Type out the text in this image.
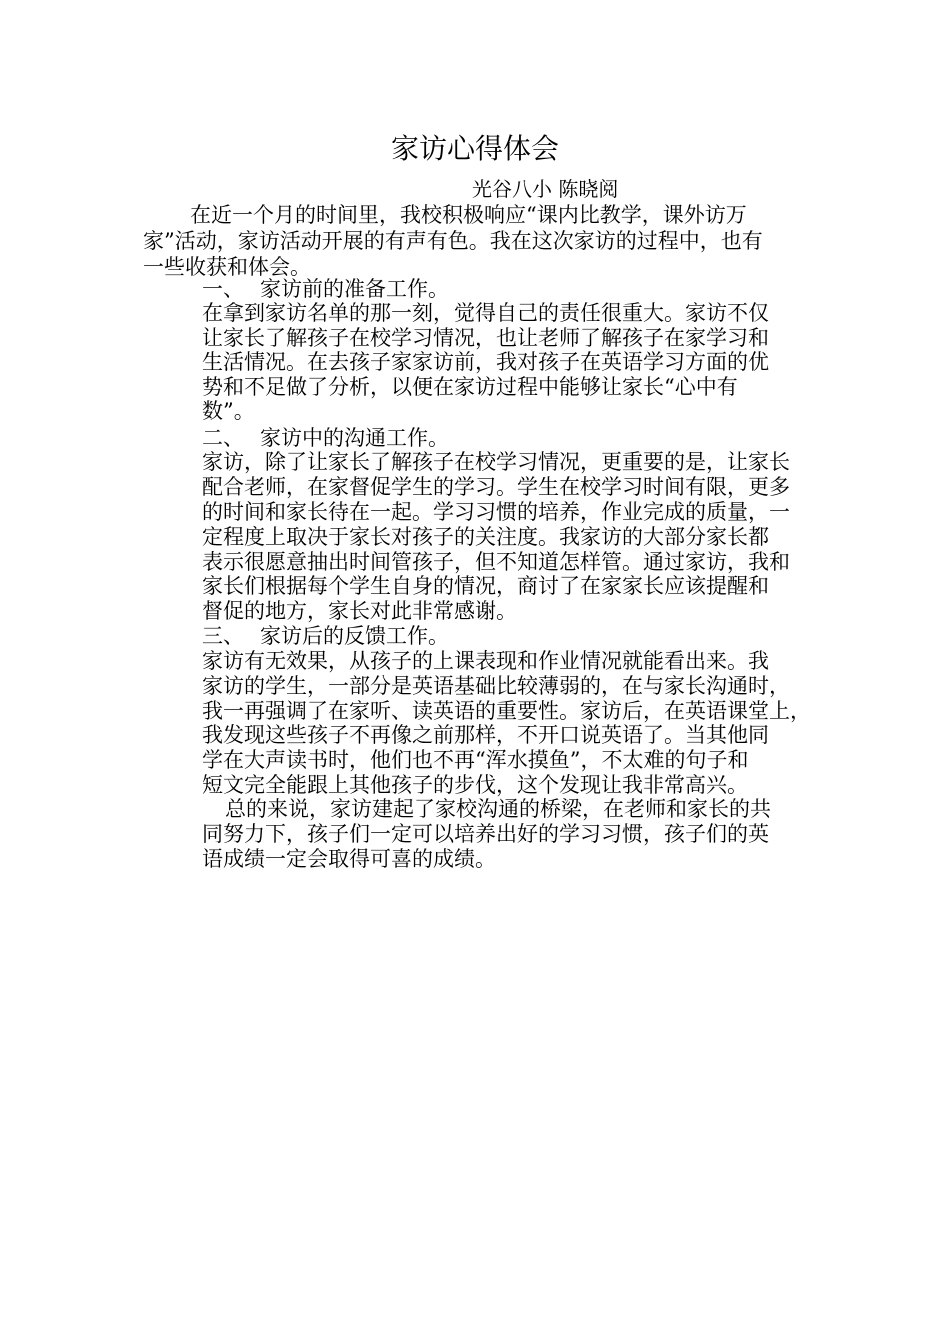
家访心得体会
光谷八小 陈晓阅
在近一个月的时间里，我校积极响应“课内比教学，课外访万
家”活动，家访活动开展的有声有色。我在这次家访的过程中，也有
一些收获和体会。
一、 家访前的准备工作。
在拿到家访名单的那一刻，觉得自己的责任很重大。家访不仅
让家长了解孩子在校学习情况，也让老师了解孩子在家学习和
生活情况。在去孩子家家访前，我对孩子在英语学习方面的优
势和不足做了分析，以便在家访过程中能够让家长“心中有
数”。
二、 家访中的沟通工作。
家访，除了让家长了解孩子在校学习情况，更重要的是，让家长
配合老师，在家督促学生的学习。学生在校学习时间有限，更多
的时间和家长待在一起。学习习惯的培养，作业完成的质量，一
定程度上取决于家长对孩子的关注度。我家访的大部分家长都
表示很愿意抽出时间管孩子，但不知道怎样管。通过家访，我和
家长们根据每个学生自身的情况，商讨了在家家长应该提醒和
督促的地方，家长对此非常感谢。
三、 家访后的反馈工作。
家访有无效果，从孩子的上课表现和作业情况就能看出来。我
家访的学生，一部分是英语基础比较薄弱的，在与家长沟通时，
我一再强调了在家听、读英语的重要性。家访后，在英语课堂上，
我发现这些孩子不再像之前那样，不开口说英语了。当其他同
学在大声读书时，他们也不再“浑水摸鱼”，不太难的句子和
短文完全能跟上其他孩子的步伐，这个发现让我非常高兴。
总的来说，家访建起了家校沟通的桥梁，在老师和家长的共
同努力下，孩子们一定可以培养出好的学习习惯，孩子们的英
语成绩一定会取得可喜的成绩。
